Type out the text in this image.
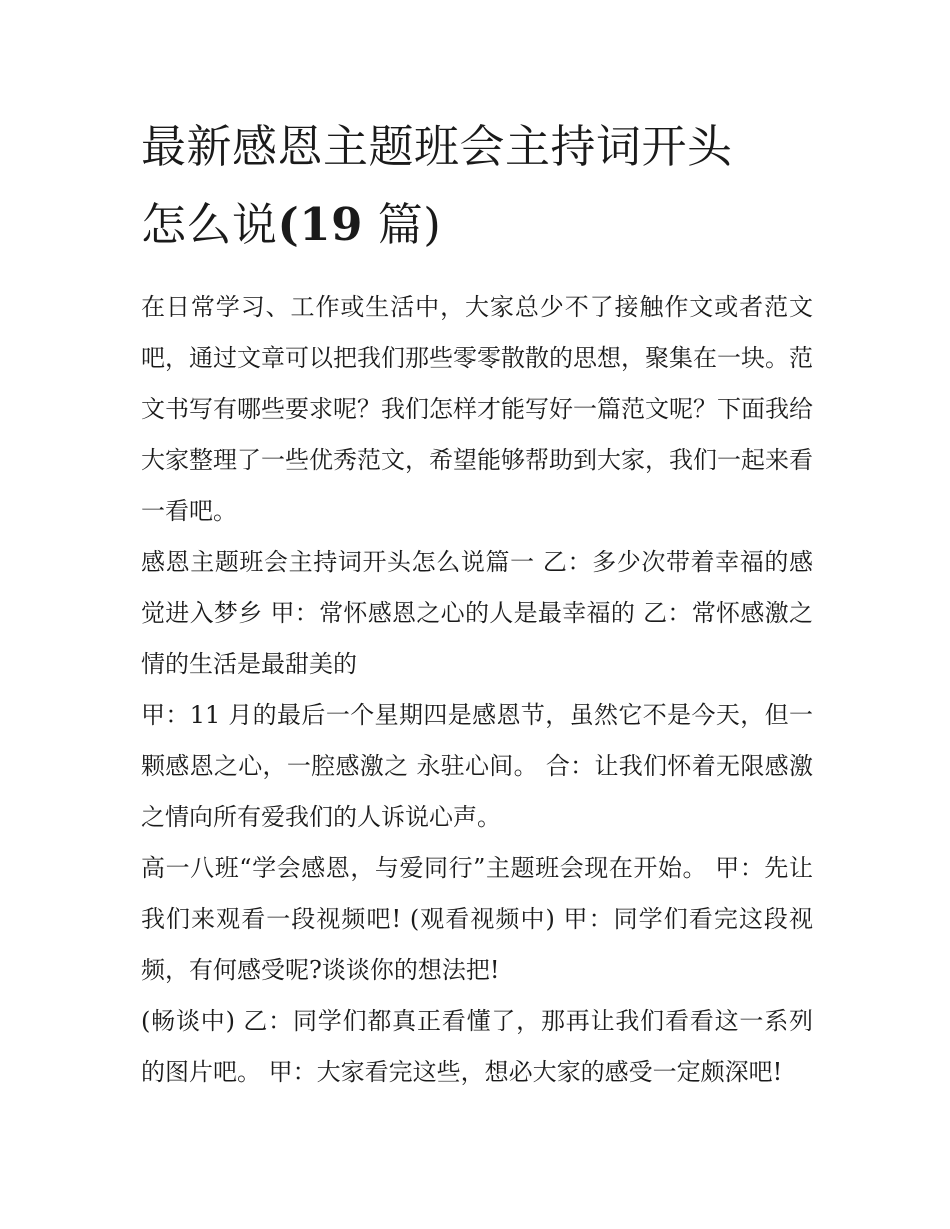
最新感恩主题班会主持词开头
怎么说(19 篇)

在日常学习、工作或生活中，大家总少不了接触作文或者范文吧，通过文章可以把我们那些零零散散的思想，聚集在一块。范文书写有哪些要求呢？我们怎样才能写好一篇范文呢？下面我给大家整理了一些优秀范文，希望能够帮助到大家，我们一起来看一看吧。

感恩主题班会主持词开头怎么说篇一 乙：多少次带着幸福的感觉进入梦乡 甲：常怀感恩之心的人是最幸福的 乙：常怀感激之情的生活是最甜美的

甲：11 月的最后一个星期四是感恩节，虽然它不是今天，但一颗感恩之心，一腔感激之 永驻心间。 合：让我们怀着无限感激之情向所有爱我们的人诉说心声。

高一八班“学会感恩，与爱同行”主题班会现在开始。 甲：先让我们来观看一段视频吧! (观看视频中) 甲：同学们看完这段视频，有何感受呢?谈谈你的想法把!

(畅谈中) 乙：同学们都真正看懂了，那再让我们看看这一系列的图片吧。 甲：大家看完这些，想必大家的感受一定颇深吧!
